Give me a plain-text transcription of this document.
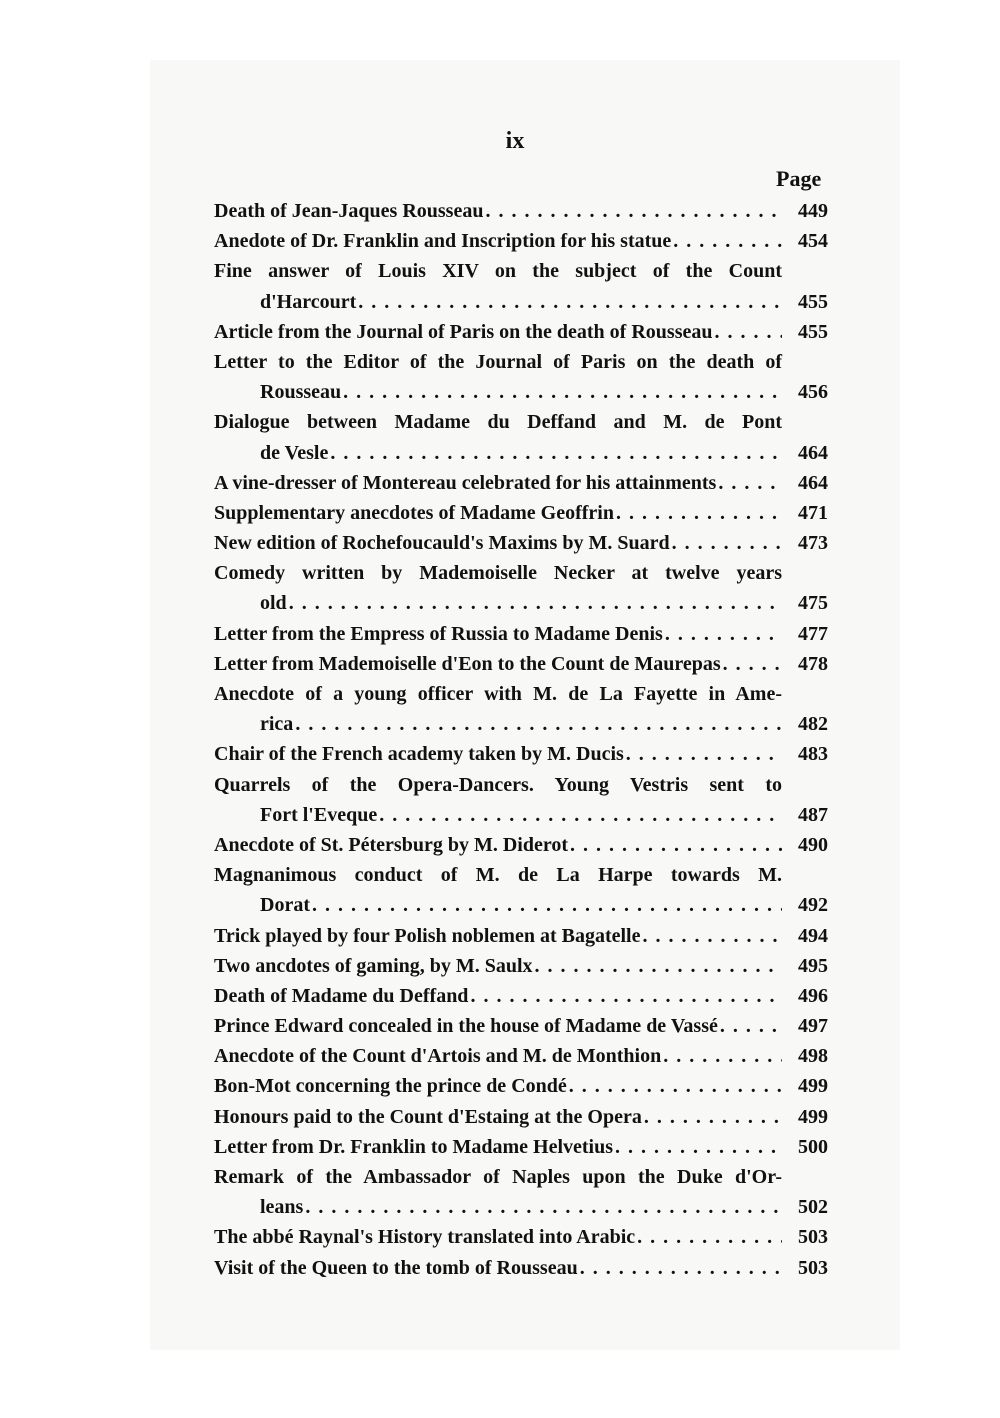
ix
Page
Death of Jean-Jaques Rousseau . . .	449
Anedote of Dr. Franklin and Inscription for his statue . . .	454
Fine answer of Louis XIV on the subject of the Count
d'Harcourt . . .	455
Article from the Journal of Paris on the death of Rousseau . . .	455
Letter to the Editor of the Journal of Paris on the death of
Rousseau . . .	456
Dialogue between Madame du Deffand and M. de Pont
de Vesle . . .	464
A vine-dresser of Montereau celebrated for his attainments . . .	464
Supplementary anecdotes of Madame Geoffrin . . .	471
New edition of Rochefoucauld's Maxims by M. Suard . . .	473
Comedy written by Mademoiselle Necker at twelve years
old . . .	475
Letter from the Empress of Russia to Madame Denis . . .	477
Letter from Mademoiselle d'Eon to the Count de Maurepas . . .	478
Anecdote of a young officer with M. de La Fayette in Ame-
rica . . .	482
Chair of the French academy taken by M. Ducis . . .	483
Quarrels of the Opera-Dancers. Young Vestris sent to
Fort l'Eveque . . .	487
Anecdote of St. Pétersburg by M. Diderot . . .	490
Magnanimous conduct of M. de La Harpe towards M.
Dorat . . .	492
Trick played by four Polish noblemen at Bagatelle . . .	494
Two ancdotes of gaming, by M. Saulx . . .	495
Death of Madame du Deffand . . .	496
Prince Edward concealed in the house of Madame de Vassé . . .	497
Anecdote of the Count d'Artois and M. de Monthion . . .	498
Bon-Mot concerning the prince de Condé . . .	499
Honours paid to the Count d'Estaing at the Opera . . .	499
Letter from Dr. Franklin to Madame Helvetius . . .	500
Remark of the Ambassador of Naples upon the Duke d'Or-
leans . . .	502
The abbé Raynal's History translated into Arabic . . .	503
Visit of the Queen to the tomb of Rousseau . . .	503
